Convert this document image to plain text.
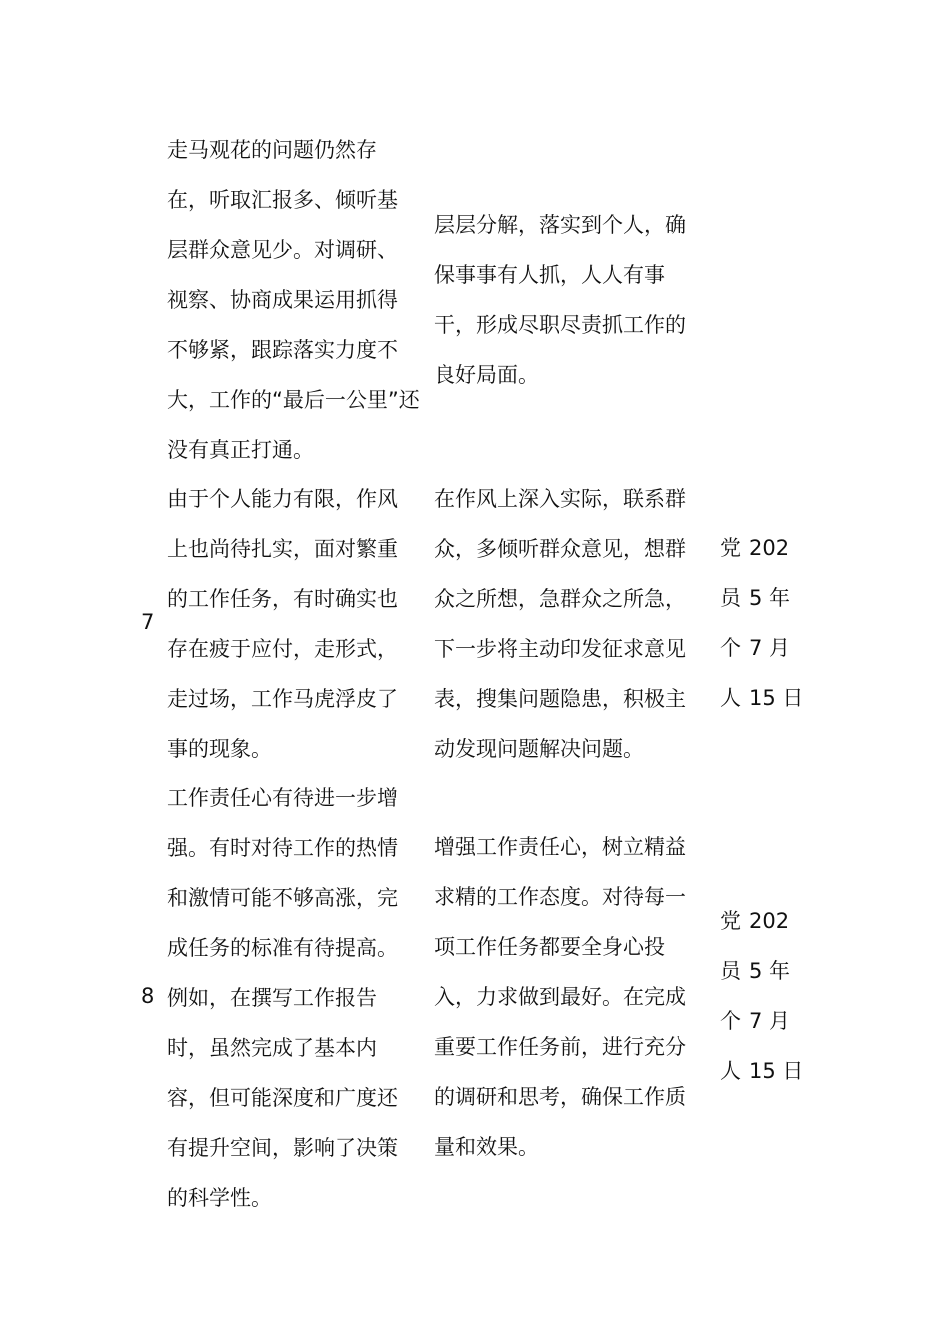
走马观花的问题仍然存
在，听取汇报多、倾听基
层群众意见少。对调研、
视察、协商成果运用抓得
不够紧，跟踪落实力度不
大，工作的“最后一公里”还
没有真正打通。
层层分解，落实到个人，确
保事事有人抓，人人有事
干，形成尽职尽责抓工作的
良好局面。
7
由于个人能力有限，作风
上也尚待扎实，面对繁重
的工作任务，有时确实也
存在疲于应付，走形式，
走过场，工作马虎浮皮了
事的现象。
在作风上深入实际，联系群
众，多倾听群众意见，想群
众之所想，急群众之所急，
下一步将主动印发征求意见
表，搜集问题隐患，积极主
动发现问题解决问题。
党
员
个
人
202
5 年
7 月
15 日
8
工作责任心有待进一步增
强。有时对待工作的热情
和激情可能不够高涨，完
成任务的标准有待提高。
例如，在撰写工作报告
时，虽然完成了基本内
容，但可能深度和广度还
有提升空间，影响了决策
的科学性。
增强工作责任心，树立精益
求精的工作态度。对待每一
项工作任务都要全身心投
入，力求做到最好。在完成
重要工作任务前，进行充分
的调研和思考，确保工作质
量和效果。
党
员
个
人
202
5 年
7 月
15 日
